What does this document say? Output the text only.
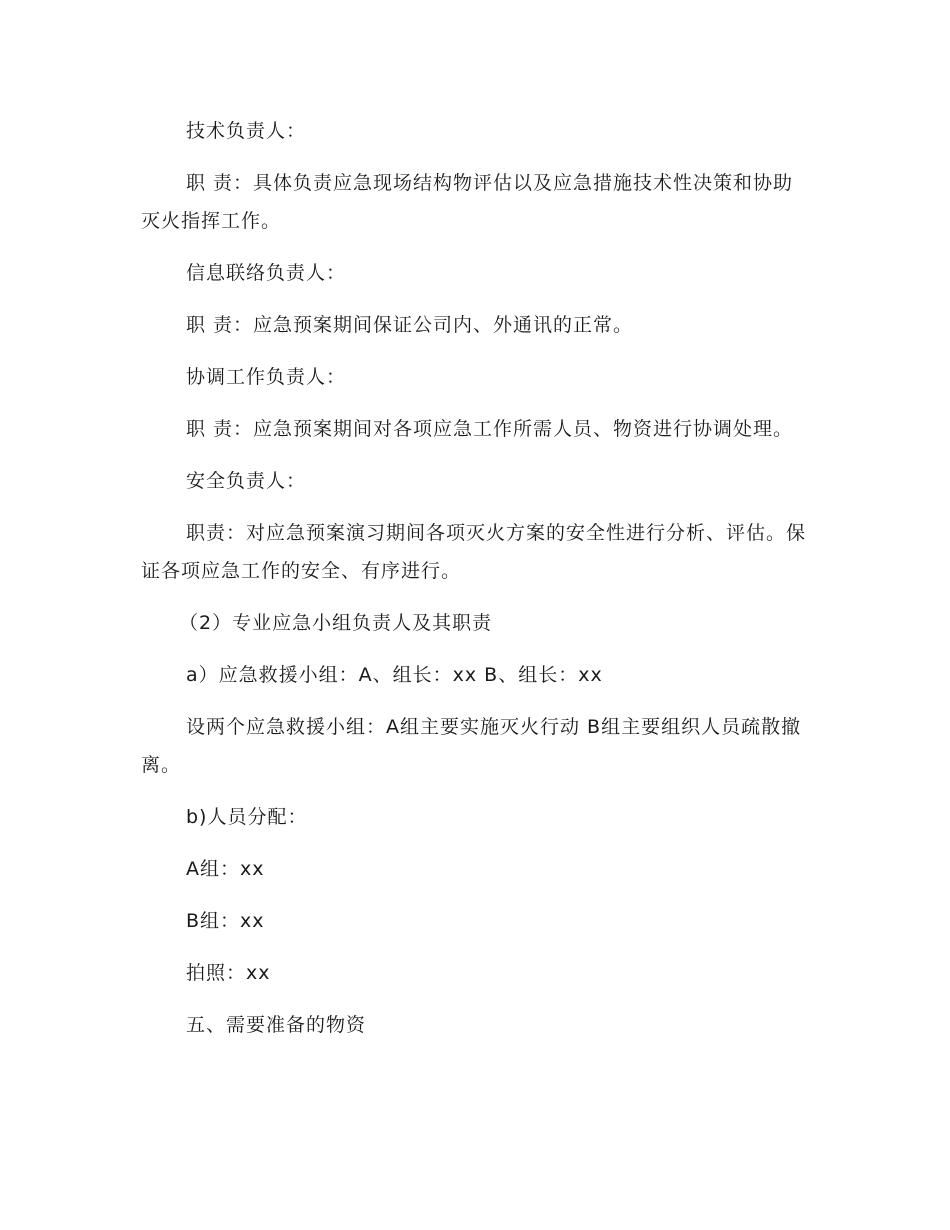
技术负责人：

职 责：具体负责应急现场结构物评估以及应急措施技术性决策和协助灭火指挥工作。

信息联络负责人：

职 责：应急预案期间保证公司内、外通讯的正常。

协调工作负责人：

职 责：应急预案期间对各项应急工作所需人员、物资进行协调处理。

安全负责人：

职责：对应急预案演习期间各项灭火方案的安全性进行分析、评估。保证各项应急工作的安全、有序进行。

（2）专业应急小组负责人及其职责

a）应急救援小组：A、组长：xx B、组长：xx

设两个应急救援小组：A组主要实施灭火行动 B组主要组织人员疏散撤离。

b)人员分配：

A组：xx

B组：xx

拍照：xx

五、需要准备的物资
